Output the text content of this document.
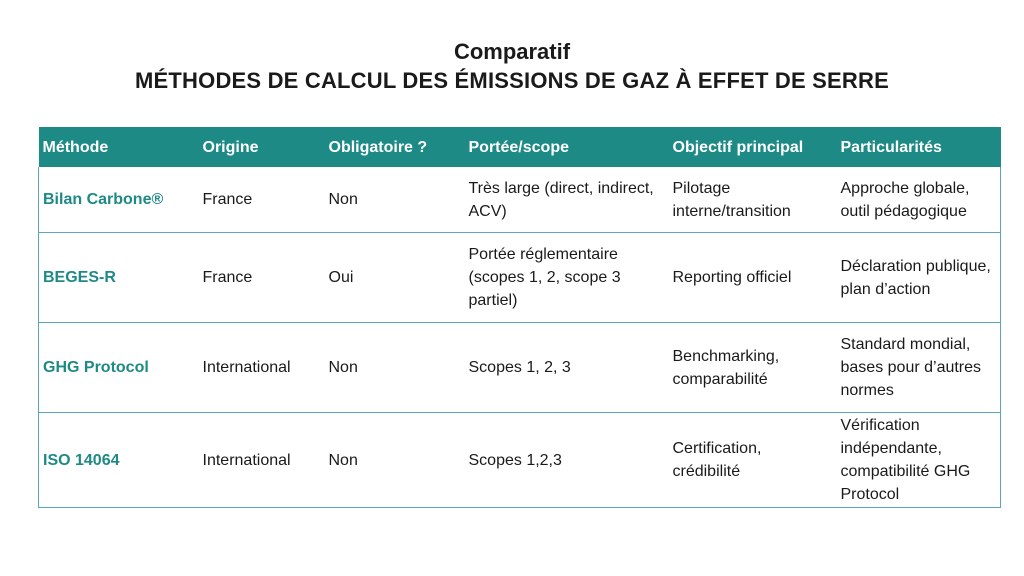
Comparatif
MÉTHODES DE CALCUL DES ÉMISSIONS DE GAZ À EFFET DE SERRE
Méthode	Origine	Obligatoire ?	Portée/scope	Objectif principal	Particularités
Bilan Carbone®	France	Non	Très large (direct, indirect, ACV)	Pilotage interne/transition	Approche globale, outil pédagogique
BEGES-R	France	Oui	Portée réglementaire (scopes 1, 2, scope 3 partiel)	Reporting officiel	Déclaration publique, plan d’action
GHG Protocol	International	Non	Scopes 1, 2, 3	Benchmarking, comparabilité	Standard mondial, bases pour d’autres normes
ISO 14064	International	Non	Scopes 1,2,3	Certification, crédibilité	Vérification indépendante, compatibilité GHG Protocol
